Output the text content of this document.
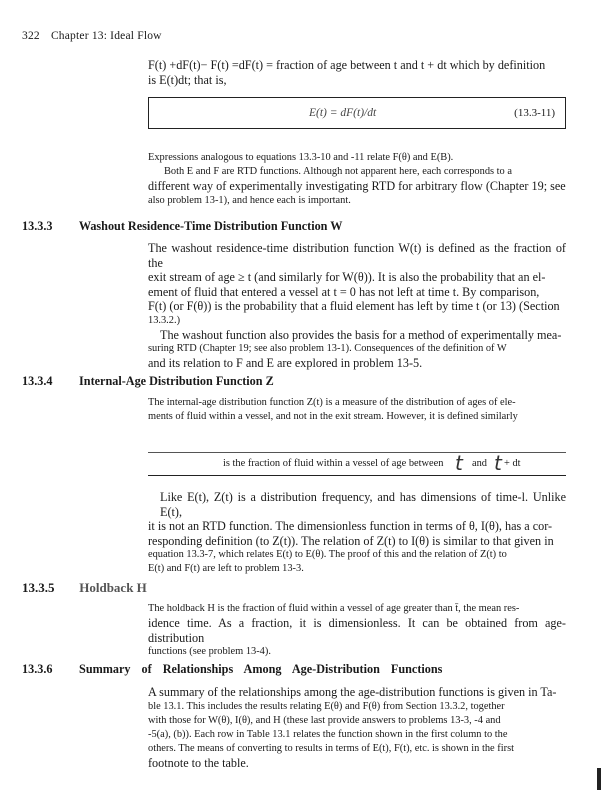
322 Chapter 13: Ideal Flow

F(t) +dF(t)− F(t) =dF(t) = fraction of age between t and t + dt which by definition

is E(t)dt; that is,

E(t) = dF(t)/dt	(13.3-11)

Expressions analogous to equations 13.3-10 and -11 relate F(θ) and E(B).

Both E and F are RTD functions. Although not apparent here, each corresponds to a

different way of experimentally investigating RTD for arbitrary flow (Chapter 19; see

also problem 13-1), and hence each is important.

13.3.3 Washout Residence-Time Distribution Function W

The washout residence-time distribution function W(t) is defined as the fraction of the

exit stream of age ≥ t (and similarly for W(θ)). It is also the probability that an el-

ement of fluid that entered a vessel at t = 0 has not left at time t. By comparison,

F(t) (or F(θ)) is the probability that a fluid element has left by time t (or 13) (Section

13.3.2.)

The washout function also provides the basis for a method of experimentally mea-

suring RTD (Chapter 19; see also problem 13-1). Consequences of the definition of W

and its relation to F and E are explored in problem 13-5.

13.3.4 Internal-Age Distribution Function Z

The internal-age distribution function Z(t) is a measure of the distribution of ages of ele-

ments of fluid within a vessel, and not in the exit stream. However, it is defined similarly

is the fraction of fluid within a vessel of age between t and t + dt

Like E(t), Z(t) is a distribution frequency, and has dimensions of time-l. Unlike E(t),

it is not an RTD function. The dimensionless function in terms of θ, I(θ), has a cor-

responding definition (to Z(t)). The relation of Z(t) to I(θ) is similar to that given in

equation 13.3-7, which relates E(t) to E(θ). The proof of this and the relation of Z(t) to

E(t) and F(t) are left to problem 13-3.

13.3.5 Holdback H

The holdback H is the fraction of fluid within a vessel of age greater than t̄, the mean res-

idence time. As a fraction, it is dimensionless. It can be obtained from age-distribution

functions (see problem 13-4).

13.3.6 Summary of Relationships Among Age-Distribution Functions

A summary of the relationships among the age-distribution functions is given in Ta-

ble 13.1. This includes the results relating E(θ) and F(θ) from Section 13.3.2, together

with those for W(θ), I(θ), and H (these last provide answers to problems 13-3, -4 and

-5(a), (b)). Each row in Table 13.1 relates the function shown in the first column to the

others. The means of converting to results in terms of E(t), F(t), etc. is shown in the first

footnote to the table.
